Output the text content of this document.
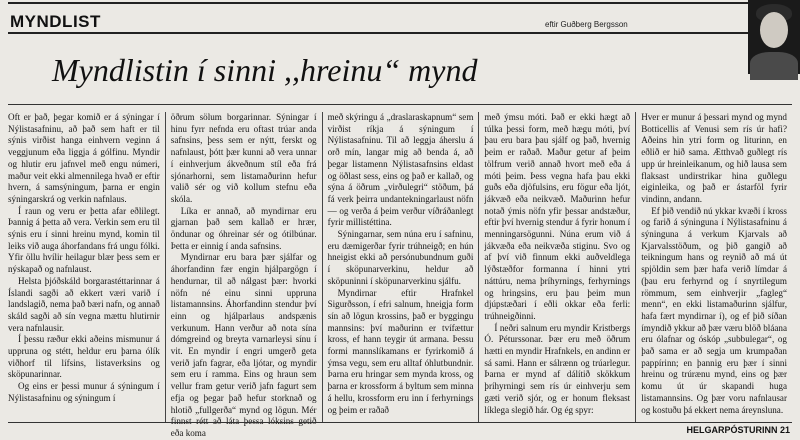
MYNDLIST	eftir Guðberg Bergsson
Myndlistin í sinni ,,hreinu“ mynd

Oft er það, þegar komið er á sýningar í Nýlistasafninu, að það sem haft er til sýnis virðist hanga einhvern veginn á veggjunum eða liggja á gólfinu. Myndir og hlutir eru jafnvel með engu númeri, maður veit ekki almennilega hvað er eftir hvern, á samsýningum, þarna er engin sýningarskrá og verkin nafnlaus.

Í raun og veru er þetta afar eðlilegt. Þannig á þetta að vera. Verkin sem eru til sýnis eru í sinni hreinu mynd, komin til leiks við auga áhorfandans frá ungu fólki. Yfir öllu hvílir heilagur blær þess sem er nýskapað og nafnlaust.

Helsta þjóðskáld borgarastéttarinnar á Íslandi sagði að ekkert væri varið í landslagið, nema það bæri nafn, og annað skáld sagði að sín vegna mættu hlutirnir vera nafnlausir.

Í þessu ræður ekki aðeins mismunur á uppruna og stétt, heldur eru þarna ólík viðhorf til lífsins, listaverksins og sköpunarinnar.

Og eins er þessi munur á sýningum í Nýlistasafninu og sýningum í

öðrum sölum borgarinnar. Sýningar í hinu fyrr nefnda eru oftast trúar anda safnsins, þess sem er nýtt, ferskt og nafnlaust, þótt þær kunni að vera unnar í einhverjum ákveðnum stíl eða frá sjónarhorni, sem listamaðurinn hefur valið sér og við kollum stefnu eða skóla.

Líka er annað, að myndirnar eru gjarnan það sem kallað er hrær, öndunar og óhreinar sér og ótilbúnar. Þetta er einnig í anda safnsins.

Myndirnar eru bara þær sjálfar og áhorfandinn fær engin hjálpargögn í hendurnar, til að nálgast þær: hvorki nöfn né einu sinni uppruna listamannsins. Áhorfandinn stendur því einn og hjálparlaus andspænis verkunum. Hann verður að nota sína dómgreind og breyta varnarleysi sínu í vit. En myndir í engri umgerð geta verið jafn fagrar, eða ljótar, og myndir sem eru í ramma. Eins og hraun sem vellur fram getur verið jafn fagurt sem efja og þegar það hefur storknað og hlotið „fullgerða“ mynd og lögun. Mér eða koma

með skýringu á „draslaraskapnum“ sem virðist ríkja á sýningum í Nýlistasafninu. Til að leggja áherslu á orð mín, langar mig að benda á, að þegar listamenn Nýlistasafnsins eldast og öðlast sess, eins og það er kallað, og sýna á öðrum „virðulegri“ stöðum, þá fá verk þeirra undantekningarlaust nöfn — og verða á þeim verður víðráðanlegt fyrir millistéttina.

Sýningarnar, sem núna eru í safninu, eru dæmigerðar fyrir trúhneigð; en hún hneigist ekki að persónubundnum guði í sköpunarverkinu, heldur að sköpuninni í sköpunarverkinu sjálfu.

Myndirnar eftir Hrafnkel Sigurðsson, í efri salnum, hneigja form sín að lögun krossins, það er byggingu mannsins: því maðurinn er tvífættur kross, ef hann teygir út armana. Þessu formi mannslíkamans er fyrirkomið á ýmsa vegu, sem eru alltaf óhlutbundnir. Þarna eru hringar sem mynda kross, og þarna er krossform á byltum sem minna á hellu, krossform eru inn í ferhyrnings og þeim er raðað

með ýmsu móti. Það er ekki hægt að túlka þessi form, með hægu móti, því þau eru bara þau sjálf og það, hvernig þeim er raðað. Maður getur af þeim tölfrum verið annað hvort með eða á móti þeim. Þess vegna hafa þau ekki guðs eða djöfulsins, eru fögur eða ljót, jákvæð eða neikvæð. Maðurinn hefur notað ýmis nöfn yfir þessar andstæður, eftir því hvernig stendur á fyrir honum í menningarsögunni. Núna erum við á jákvæða eða neikvæða stiginu. Svo og af því við finnum ekki auðveldlega lýðstæðfor formanna í hinni ytri náttúru, nema þríhyrnings, ferhyrnings og hringsins, eru þau þeim mun djúpstæðari í eðli okkar eða ferli: trúhneigðinni.

Í neðri salnum eru myndir Kristbergs Ó. Péturssonar. Þær eru með öðrum hætti en myndir Hrafnkels, en andinn er sá sami. Hann er sálrænn og trúarlegur. Þarna er mynd af dálítið skökkum þríhyrningi sem rís úr einhverju sem gæti verið sjór, og er honum fleksast líklega slegið hár. Og ég spyr:

Hver er munur á þessari mynd og mynd Botticellis af Venusi sem rís úr hafi? Aðeins hin ytri form og liturinn, en eðlið er hið sama. Ætthvað guðlegt rís upp úr hreinleikanum, og hið lausa sem flaksast undirstrikar hina guðlegu eiginleika, og það er ástarföl fyrir vindinn, andann.

Ef þið vendið nú ykkar kvæði í kross og farið á sýninguna í Nýlistasafninu á sýninguna á verkum Kjarvals að Kjarvalsstöðum, og þið gangið að teikningum hans og reynið að má út spjöldin sem þær hafa verið límdar á (þau eru ferhyrnd og í snyrtilegum römmum, sem einhverjir „fagleg“ menn“, en ekki listamaðurinn sjálfur, hafa fært myndirnar í), og ef þið síðan ímyndið ykkur að þær væru blöð bláana eru ólafnar og óskóp „subbulegar“, og það sama er að segja um krumpaðan pappírinn; en þannig eru þær í sinni hreinu og trúrænu mynd, eins og þær komu út úr skapandi huga listamannsins. Og þær voru nafnlausar og kostuðu þá ekkert nema áreynsluna.

HELGARPÓSTURINN 21
